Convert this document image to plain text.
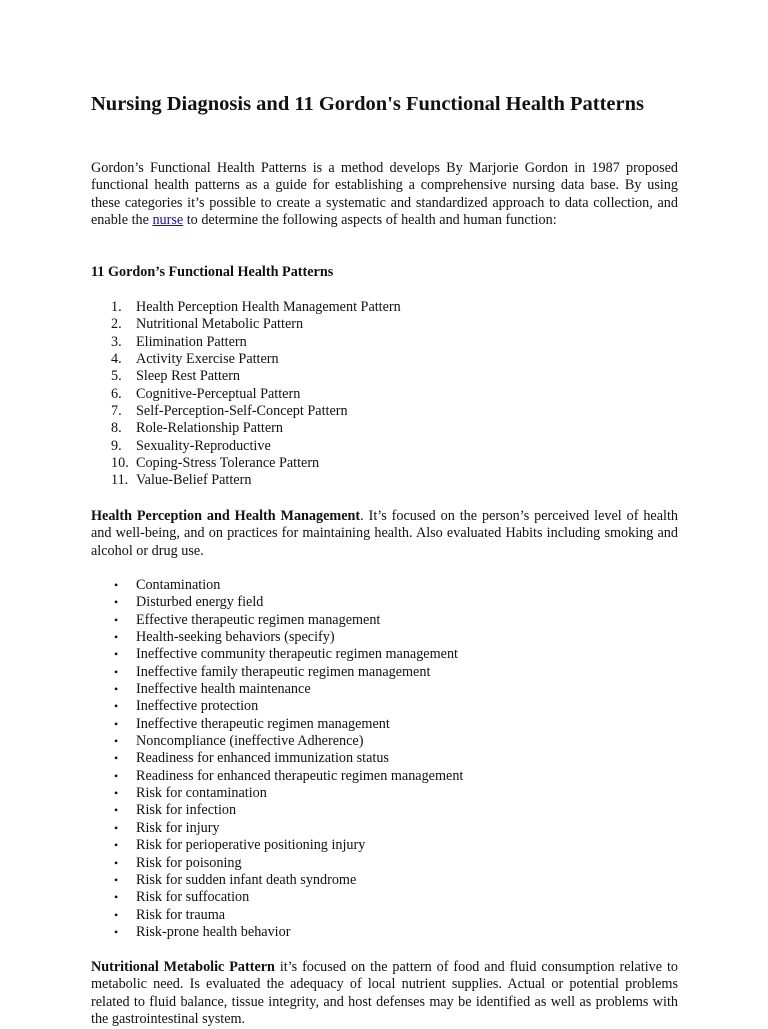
Nursing Diagnosis and 11 Gordon's Functional Health Patterns

Gordon’s Functional Health Patterns is a method develops By Marjorie Gordon in 1987 proposed functional health patterns as a guide for establishing a comprehensive nursing data base. By using these categories it’s possible to create a systematic and standardized approach to data collection, and enable the nurse to determine the following aspects of health and human function:

11 Gordon’s Functional Health Patterns

1.	Health Perception Health Management Pattern
2.	Nutritional Metabolic Pattern
3.	Elimination Pattern
4.	Activity Exercise Pattern
5.	Sleep Rest Pattern
6.	Cognitive-Perceptual Pattern
7.	Self-Perception-Self-Concept Pattern
8.	Role-Relationship Pattern
9.	Sexuality-Reproductive
10. Coping-Stress Tolerance Pattern
11. Value-Belief Pattern

Health Perception and Health Management. It’s focused on the person’s perceived level of health and well-being, and on practices for maintaining health. Also evaluated Habits including smoking and alcohol or drug use.

•	Contamination
•	Disturbed energy field
•	Effective therapeutic regimen management
•	Health-seeking behaviors (specify)
•	Ineffective community therapeutic regimen management
•	Ineffective family therapeutic regimen management
•	Ineffective health maintenance
•	Ineffective protection
•	Ineffective therapeutic regimen management
•	Noncompliance (ineffective Adherence)
•	Readiness for enhanced immunization status
•	Readiness for enhanced therapeutic regimen management
•	Risk for contamination
•	Risk for infection
•	Risk for injury
•	Risk for perioperative positioning injury
•	Risk for poisoning
•	Risk for sudden infant death syndrome
•	Risk for suffocation
•	Risk for trauma
•	Risk-prone health behavior

Nutritional Metabolic Pattern it’s focused on the pattern of food and fluid consumption relative to metabolic need. Is evaluated the adequacy of local nutrient supplies. Actual or potential problems related to fluid balance, tissue integrity, and host defenses may be identified as well as problems with the gastrointestinal system.
